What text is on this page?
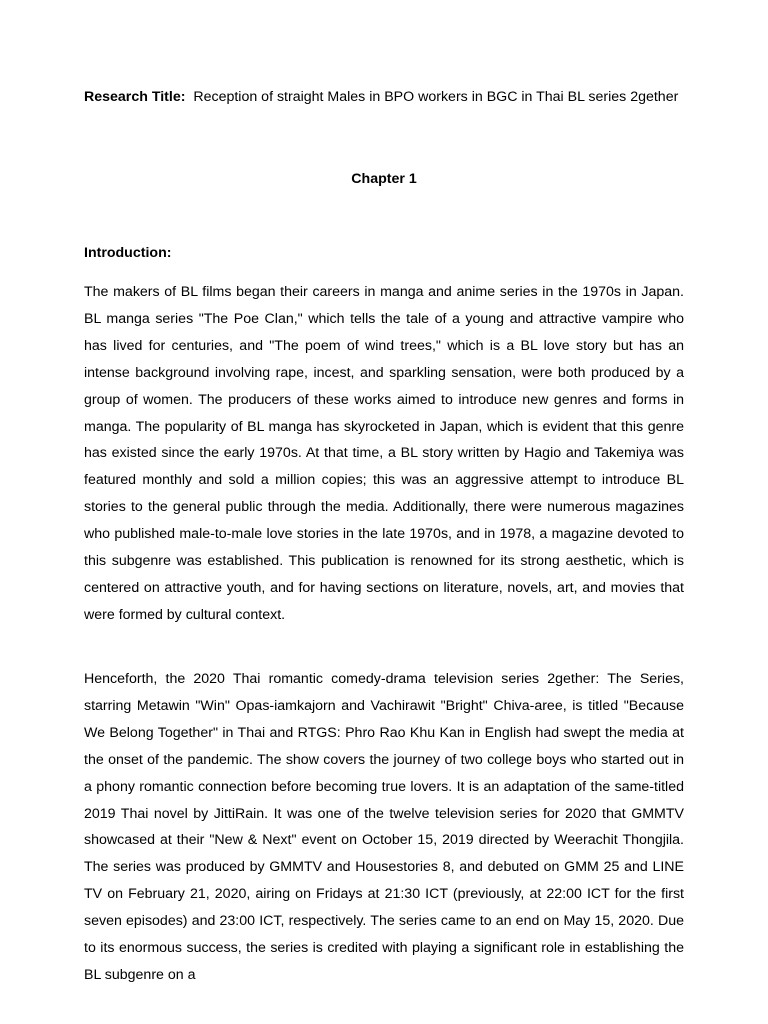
Research Title: Reception of straight Males in BPO workers in BGC in Thai BL series 2gether
Chapter 1
Introduction:

The makers of BL films began their careers in manga and anime series in the 1970s in Japan. BL manga series "The Poe Clan," which tells the tale of a young and attractive vampire who has lived for centuries, and "The poem of wind trees," which is a BL love story but has an intense background involving rape, incest, and sparkling sensation, were both produced by a group of women. The producers of these works aimed to introduce new genres and forms in manga. The popularity of BL manga has skyrocketed in Japan, which is evident that this genre has existed since the early 1970s. At that time, a BL story written by Hagio and Takemiya was featured monthly and sold a million copies; this was an aggressive attempt to introduce BL stories to the general public through the media. Additionally, there were numerous magazines who published male-to-male love stories in the late 1970s, and in 1978, a magazine devoted to this subgenre was established. This publication is renowned for its strong aesthetic, which is centered on attractive youth, and for having sections on literature, novels, art, and movies that were formed by cultural context.

Henceforth, the 2020 Thai romantic comedy-drama television series 2gether: The Series, starring Metawin "Win" Opas-iamkajorn and Vachirawit "Bright" Chiva-aree, is titled "Because We Belong Together" in Thai and RTGS: Phro Rao Khu Kan in English had swept the media at the onset of the pandemic. The show covers the journey of two college boys who started out in a phony romantic connection before becoming true lovers. It is an adaptation of the same-titled 2019 Thai novel by JittiRain. It was one of the twelve television series for 2020 that GMMTV showcased at their "New & Next" event on October 15, 2019 directed by Weerachit Thongjila. The series was produced by GMMTV and Housestories 8, and debuted on GMM 25 and LINE TV on February 21, 2020, airing on Fridays at 21:30 ICT (previously, at 22:00 ICT for the first seven episodes) and 23:00 ICT, respectively. The series came to an end on May 15, 2020. Due to its enormous success, the series is credited with playing a significant role in establishing the BL subgenre on a
